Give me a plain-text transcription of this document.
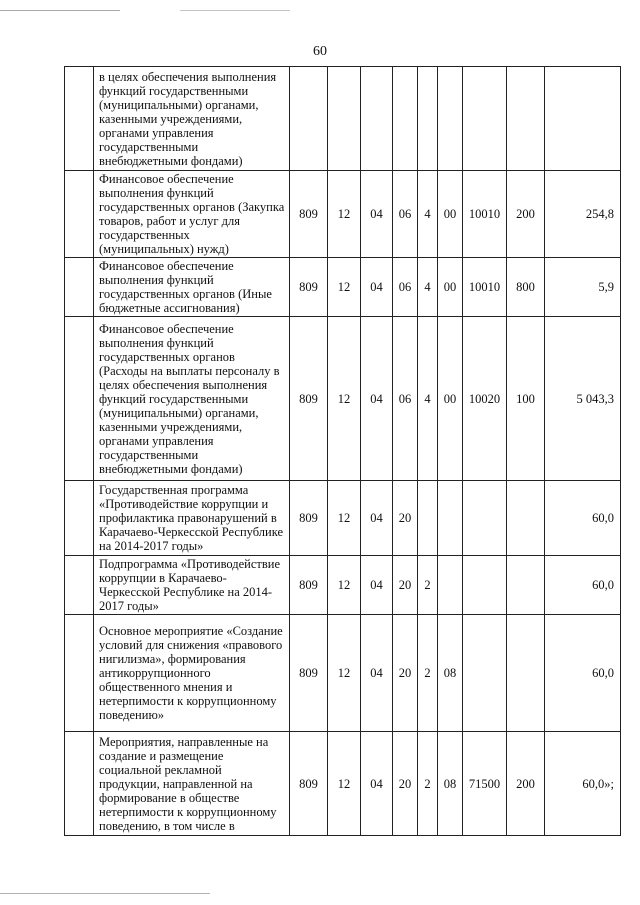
60
	в целях обеспечения выполнения функций государственными (муниципальными) органами, казенными учреждениями, органами управления государственными внебюджетными фондами)									
	Финансовое обеспечение выполнения функций государственных органов (Закупка товаров, работ и услуг для государственных (муниципальных) нужд)	809	12	04	06	4	00	10010	200	254,8
	Финансовое обеспечение выполнения функций государственных органов (Иные бюджетные ассигнования)	809	12	04	06	4	00	10010	800	5,9
	Финансовое обеспечение выполнения функций государственных органов (Расходы на выплаты персоналу в целях обеспечения выполнения функций государственными (муниципальными) органами, казенными учреждениями, органами управления государственными внебюджетными фондами)	809	12	04	06	4	00	10020	100	5 043,3
	Государственная программа «Противодействие коррупции и профилактика правонарушений в Карачаево-Черкесской Республике на 2014-2017 годы»	809	12	04	20					60,0
	Подпрограмма «Противодействие коррупции в Карачаево-Черкесской Республике на 2014-2017 годы»	809	12	04	20	2				60,0
	Основное мероприятие «Создание условий для снижения «правового нигилизма», формирования антикоррупционного общественного мнения и нетерпимости к коррупционному поведению»	809	12	04	20	2	08			60,0
	Мероприятия, направленные на создание и размещение социальной рекламной продукции, направленной на формирование в обществе нетерпимости к коррупционному поведению, в том числе в	809	12	04	20	2	08	71500	200	60,0»;
